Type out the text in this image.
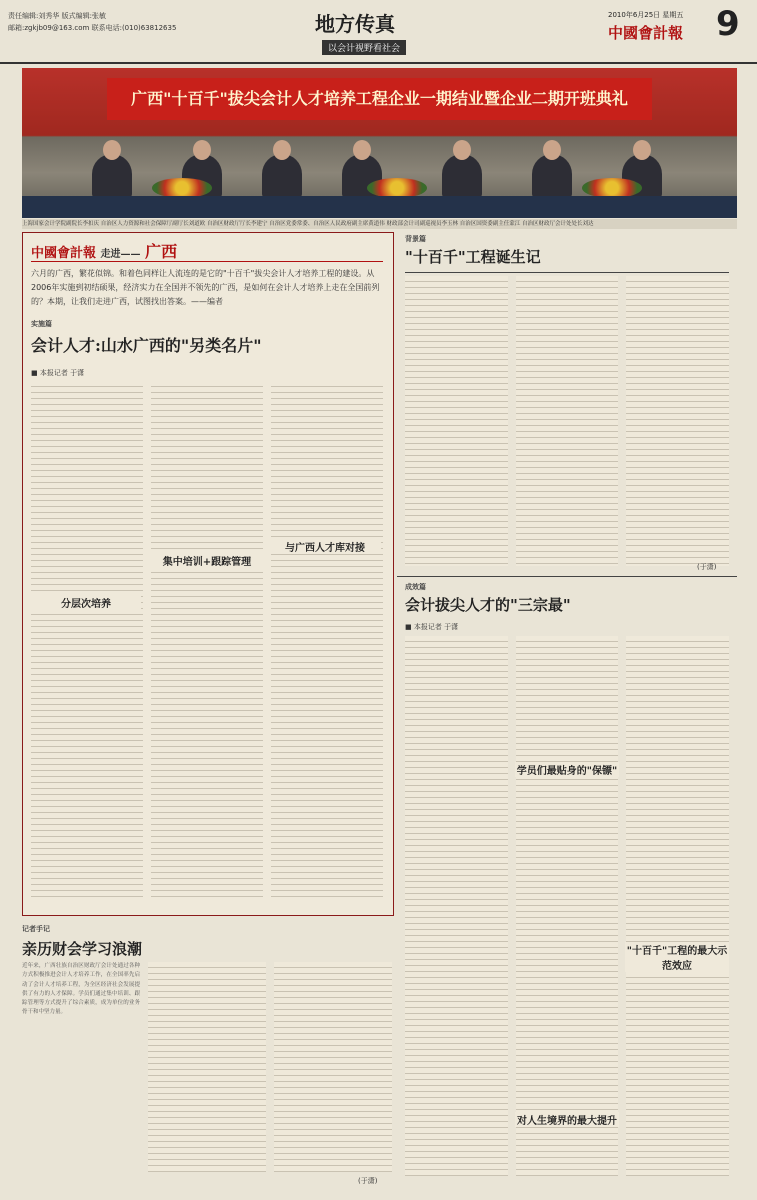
责任编辑:刘秀华 版式编辑:张敏
邮箱:zgkjb09@163.com 联系电话:(010)63812635	地方传真
以会计视野看社会
2010年6月25日 星期五
中國會計報 9
广西"十百千"拔尖会计人才培养工程企业一期结业暨企业二期开班典礼
上海国家会计学院副院长李扣庆 自治区人力资源和社会保障厅副厅长刘道欧 自治区财政厅厅长李建宁 自治区党委常委、自治区人民政府副主席黄道伟 财政部会计司副巡视员李玉林 自治区国资委副主任蒙江 自治区财政厅会计处处长刘达
中國會計報 走进—— 广西
六月的广西，繁花似锦。和着色同样让人流连的是它的"十百千"拔尖会计人才培养工程的建设。从2006年实施到初结硕果，经济实力在全国并不领先的广西，是如何在会计人才培养上走在全国前列的？本期，让我们走进广西，试图找出答案。——编者
实施篇
会计人才:山水广西的"另类名片"
■ 本报记者 于潇
分层次培养
集中培训+跟踪管理
与广西人才库对接
背景篇
"十百千"工程诞生记
(于潇)
成效篇
会计拔尖人才的"三宗最"
■ 本报记者 于潇
学员们最贴身的"保镖"
"十百千"工程的最大示范效应
对人生境界的最大提升
记者手记
亲历财会学习浪潮
近年来，广西壮族自治区财政厅会计处通过各种方式积极推进会计人才培养工作，在全国率先启动了会计人才培养工程，为全区经济社会发展提供了有力的人才保障。学员们通过集中培训、跟踪管理等方式提升了综合素质，成为单位的业务骨干和中坚力量。
(于潇)
